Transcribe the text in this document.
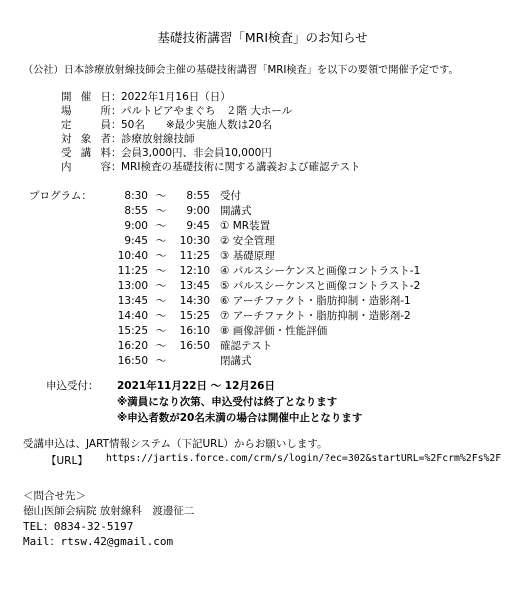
基礎技術講習「MRI検査」のお知らせ
（公社）日本診療放射線技師会主催の基礎技術講習「MRI検査」を以下の要領で開催予定です。
開催日：2022年1月16日（日）
場所：パルトピアやまぐち　２階 大ホール
定員：50名　　※最少実施人数は20名
対象者：診療放射線技師
受講料：会員3,000円、非会員10,000円
内容：MRI検査の基礎技術に関する講義および確認テスト
プログラム：	8:30 ～ 8:55 受付
8:55 ～ 9:00 開講式
9:00 ～ 9:45 ① MR装置
9:45 ～ 10:30 ② 安全管理
10:40 ～ 11:25 ③ 基礎原理
11:25 ～ 12:10 ④ パルスシーケンスと画像コントラスト-1
13:00 ～ 13:45 ⑤ パルスシーケンスと画像コントラスト-2
13:45 ～ 14:30 ⑥ アーチファクト・脂肪抑制・造影剤-1
14:40 ～ 15:25 ⑦ アーチファクト・脂肪抑制・造影剤-2
15:25 ～ 16:10 ⑧ 画像評価・性能評価
16:20 ～ 16:50 確認テスト
16:50 ～	閉講式
申込受付： 2021年11月22日 ～ 12月26日
※満員になり次第、申込受付は終了となります
※申込者数が20名未満の場合は開催中止となります
受講申込は、JART情報システム（下記URL）からお願いします。
【URL】 https://jartis.force.com/crm/s/login/?ec=302&startURL=%2Fcrm%2Fs%2F
＜問合せ先＞
徳山医師会病院 放射線科　渡邊征二
TEL：0834-32-5197
Mail：rtsw.42@gmail.com
